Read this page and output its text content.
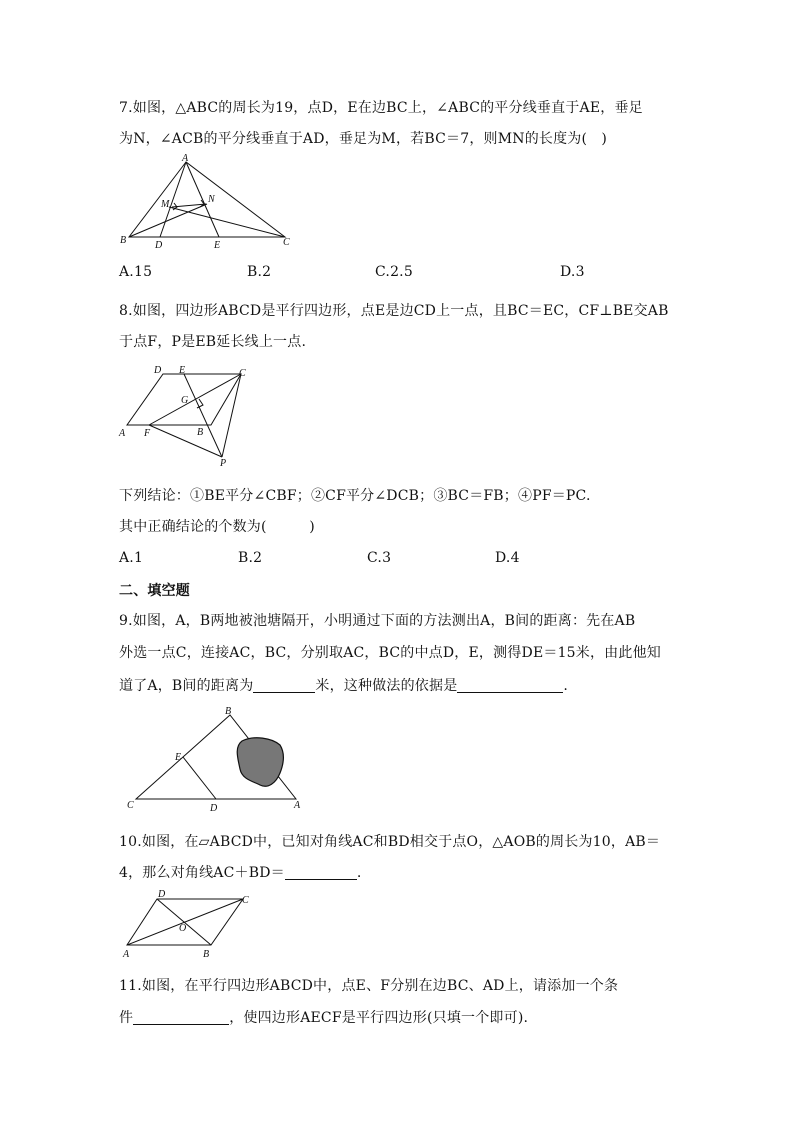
7.如图，△ABC的周长为19，点D，E在边BC上，∠ABC的平分线垂直于AE，垂足
为N，∠ACB的平分线垂直于AD，垂足为M，若BC＝7，则MN的长度为(　)
A
B	C
D	E
M	N
A.15	B.2	C.2.5	D.3
8.如图，四边形ABCD是平行四边形，点E是边CD上一点，且BC＝EC，CF⊥BE交AB
于点F，P是EB延长线上一点.
D E	C
G
A F	B
P
下列结论：①BE平分∠CBF；②CF平分∠DCB；③BC＝FB；④PF＝PC.
其中正确结论的个数为(　　　)
A.1	B.2	C.3	D.4
二、填空题
9.如图，A，B两地被池塘隔开，小明通过下面的方法测出A，B间的距离：先在AB
外选一点C，连接AC，BC，分别取AC，BC的中点D，E，测得DE＝15米，由此他知
道了A，B间的距离为	米，这种做法的依据是	.
B
E
C	D	A
10.如图，在▱ABCD中，已知对角线AC和BD相交于点O，△AOB的周长为10，AB＝
4，那么对角线AC＋BD＝	.
D
C
O
A	B
11.如图，在平行四边形ABCD中，点E、F分别在边BC、AD上，请添加一个条
件	，使四边形AECF是平行四边形(只填一个即可).
